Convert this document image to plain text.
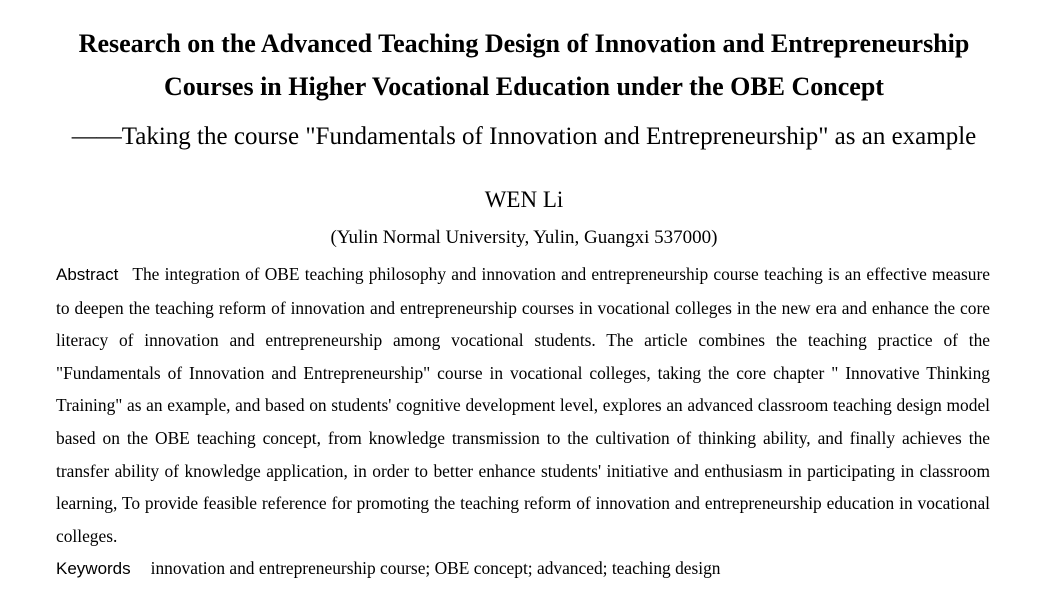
Research on the Advanced Teaching Design of Innovation and Entrepreneurship
Courses in Higher Vocational Education under the OBE Concept
——Taking the course "Fundamentals of Innovation and Entrepreneurship" as an example
WEN Li
(Yulin Normal University, Yulin, Guangxi 537000)
Abstract The integration of OBE teaching philosophy and innovation and entrepreneurship course teaching is an effective measure to deepen the teaching reform of innovation and entrepreneurship courses in vocational colleges in the new era and enhance the core literacy of innovation and entrepreneurship among vocational students. The article combines the teaching practice of the "Fundamentals of Innovation and Entrepreneurship" course in vocational colleges, taking the core chapter " Innovative Thinking Training" as an example, and based on students' cognitive development level, explores an advanced classroom teaching design model based on the OBE teaching concept, from knowledge transmission to the cultivation of thinking ability, and finally achieves the transfer ability of knowledge application, in order to better enhance students' initiative and enthusiasm in participating in classroom learning, To provide feasible reference for promoting the teaching reform of innovation and entrepreneurship education in vocational colleges.
Keywords innovation and entrepreneurship course; OBE concept; advanced; teaching design
